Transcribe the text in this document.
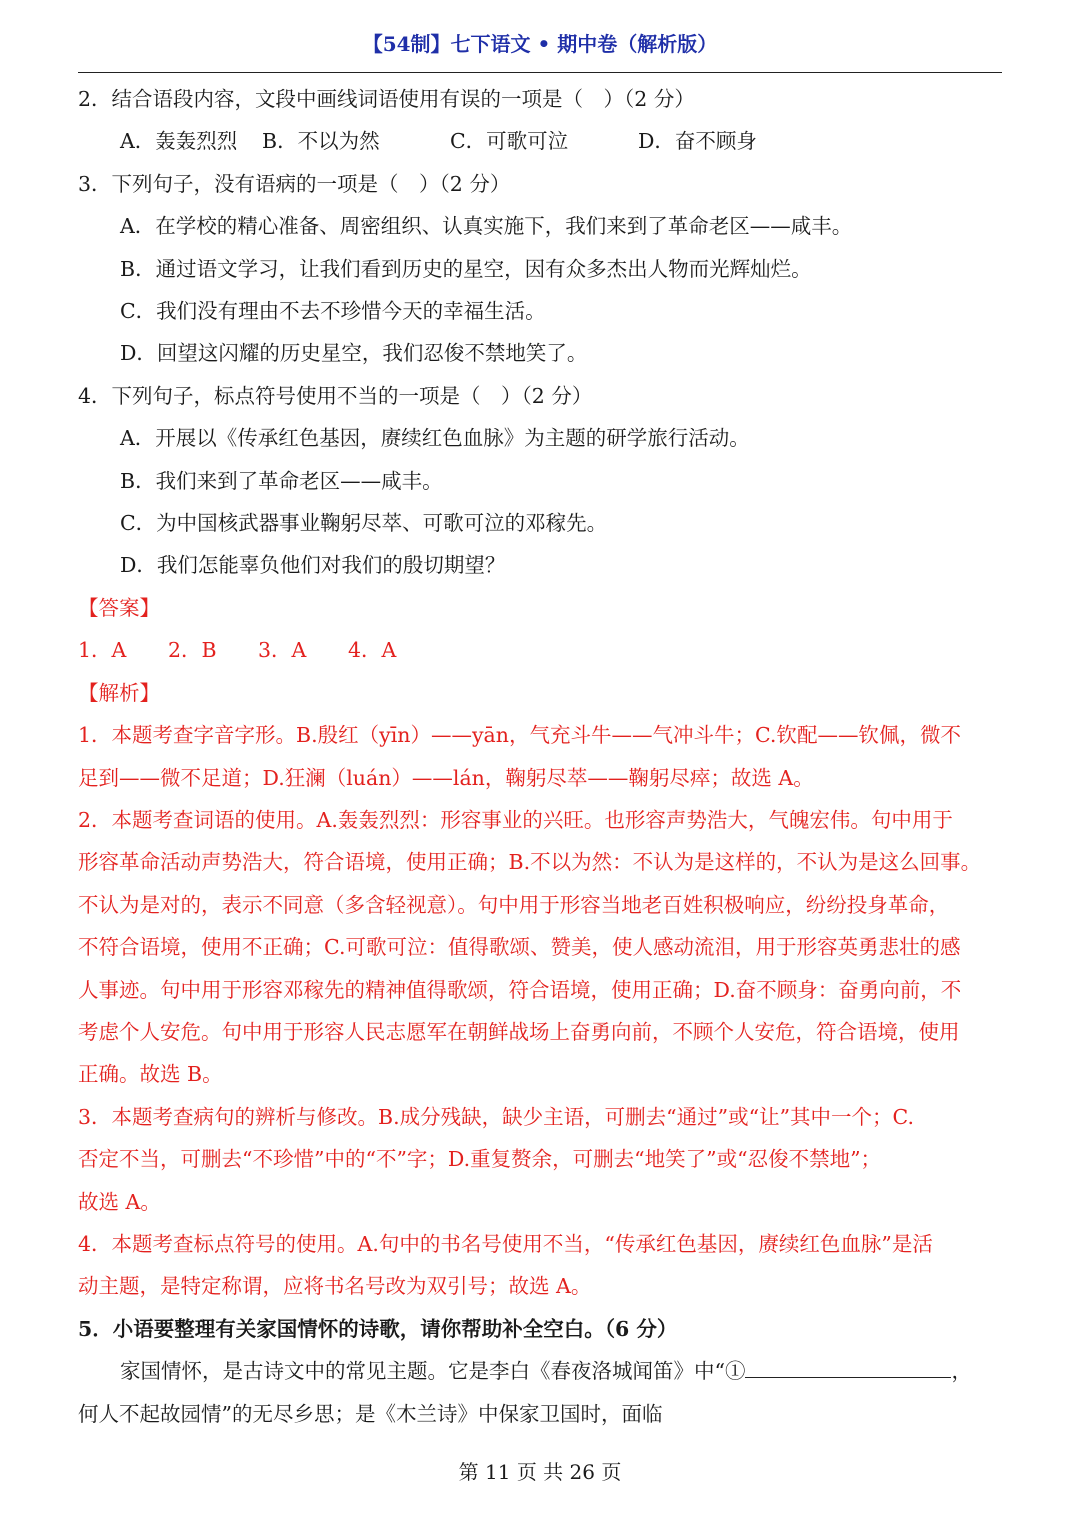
【54制】七下语文 • 期中卷（解析版）
2．结合语段内容，文段中画线词语使用有误的一项是（　）（2 分）
A．轰轰烈烈	B．不以为然	C．可歌可泣	D．奋不顾身
3．下列句子，没有语病的一项是（　）（2 分）
A．在学校的精心准备、周密组织、认真实施下，我们来到了革命老区——咸丰。
B．通过语文学习，让我们看到历史的星空，因有众多杰出人物而光辉灿烂。
C．我们没有理由不去不珍惜今天的幸福生活。
D．回望这闪耀的历史星空，我们忍俊不禁地笑了。
4．下列句子，标点符号使用不当的一项是（　）（2 分）
A．开展以《传承红色基因，赓续红色血脉》为主题的研学旅行活动。
B．我们来到了革命老区——咸丰。
C．为中国核武器事业鞠躬尽萃、可歌可泣的邓稼先。
D．我们怎能辜负他们对我们的殷切期望？
【答案】
1．A	2．B	3．A	4．A
【解析】
1．本题考查字音字形。B.殷红（yīn）——yān，气充斗牛——气冲斗牛；C.钦配——钦佩，微不
足到——微不足道；D.狂澜（luán）——lán，鞠躬尽萃——鞠躬尽瘁；故选 A。
2．本题考查词语的使用。A.轰轰烈烈：形容事业的兴旺。也形容声势浩大，气魄宏伟。句中用于
形容革命活动声势浩大，符合语境，使用正确；B.不以为然：不认为是这样的，不认为是这么回事。
不认为是对的，表示不同意（多含轻视意）。句中用于形容当地老百姓积极响应，纷纷投身革命，
不符合语境，使用不正确；C.可歌可泣：值得歌颂、赞美，使人感动流泪，用于形容英勇悲壮的感
人事迹。句中用于形容邓稼先的精神值得歌颂，符合语境，使用正确；D.奋不顾身：奋勇向前，不
考虑个人安危。句中用于形容人民志愿军在朝鲜战场上奋勇向前，不顾个人安危，符合语境，使用
正确。故选 B。
3．本题考查病句的辨析与修改。B.成分残缺，缺少主语，可删去“通过”或“让”其中一个；C.
否定不当，可删去“不珍惜”中的“不”字；D.重复赘余，可删去“地笑了”或“忍俊不禁地”；
故选 A。
4．本题考查标点符号的使用。A.句中的书名号使用不当，“传承红色基因，赓续红色血脉”是活
动主题，是特定称谓，应将书名号改为双引号；故选 A。
5．小语要整理有关家国情怀的诗歌，请你帮助补全空白。（6 分）
家国情怀，是古诗文中的常见主题。它是李白《春夜洛城闻笛》中“①	，
何人不起故园情”的无尽乡思；是《木兰诗》中保家卫国时，面临
第 11 页 共 26 页
